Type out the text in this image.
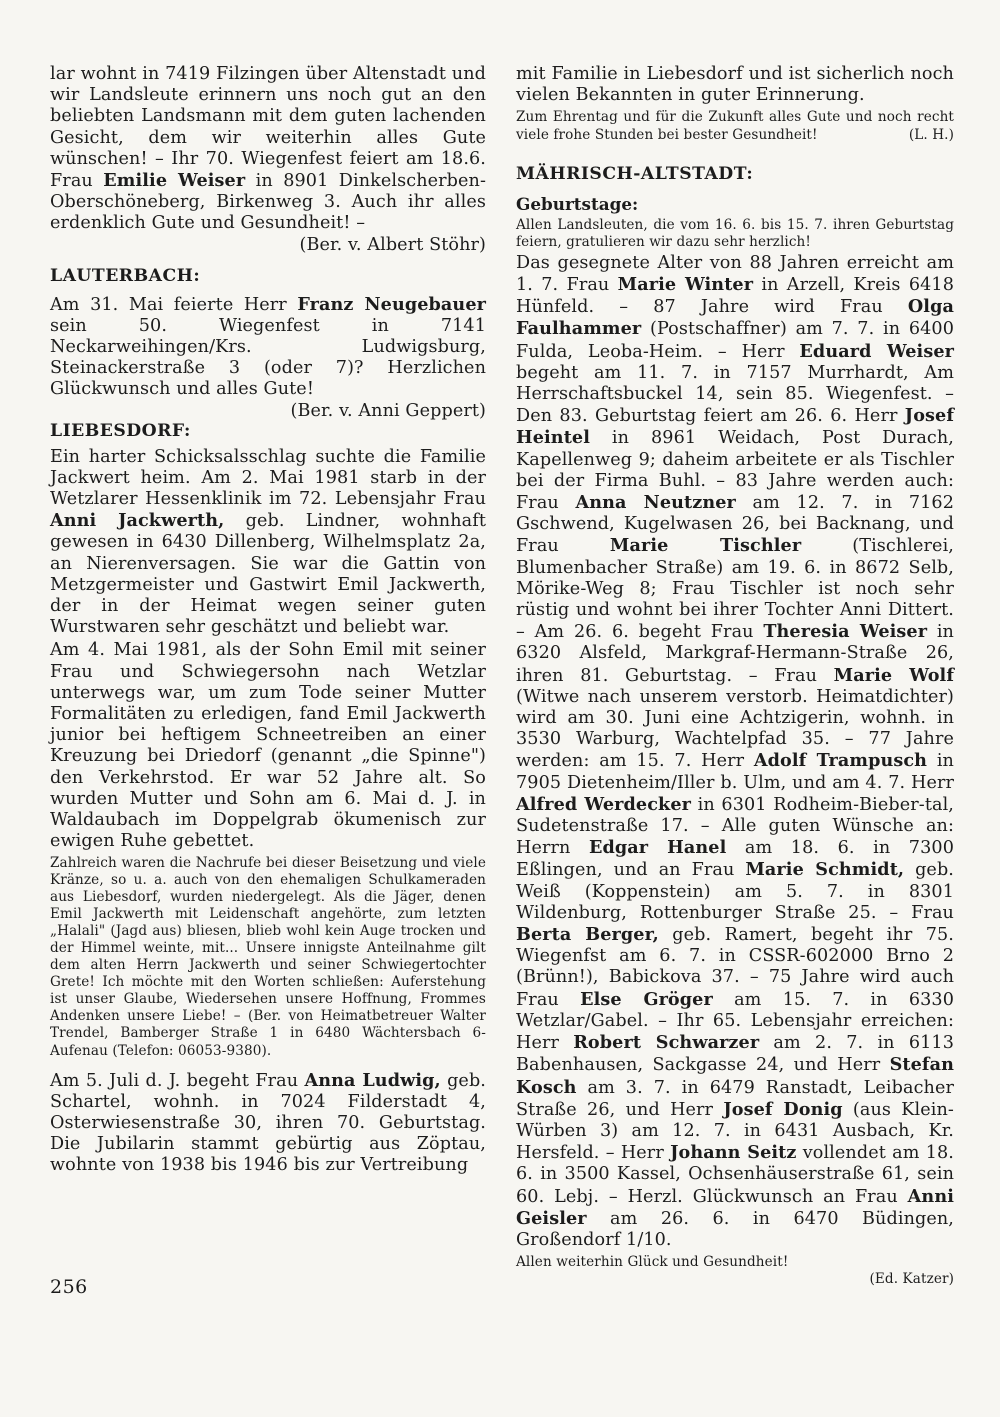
lar wohnt in 7419 Filzingen über Altenstadt und wir Landsleute erinnern uns noch gut an den beliebten Landsmann mit dem guten lachenden Gesicht, dem wir weiterhin alles Gute wünschen! – Ihr 70. Wiegenfest feiert am 18.6. Frau Emilie Weiser in 8901 Dinkelscherben-Oberschöneberg, Birkenweg 3. Auch ihr alles erdenklich Gute und Gesundheit! –
(Ber. v. Albert Stöhr)

LAUTERBACH:

Am 31. Mai feierte Herr Franz Neugebauer sein 50. Wiegenfest in 7141 Neckarweihingen/Krs. Ludwigsburg, Steinackerstraße 3 (oder 7)? Herzlichen Glückwunsch und alles Gute!
(Ber. v. Anni Geppert)

LIEBESDORF:

Ein harter Schicksalsschlag suchte die Familie Jackwert heim. Am 2. Mai 1981 starb in der Wetzlarer Hessenklinik im 72. Lebensjahr Frau Anni Jackwerth, geb. Lindner, wohnhaft gewesen in 6430 Dillenberg, Wilhelmsplatz 2a, an Nierenversagen. Sie war die Gattin von Metzgermeister und Gastwirt Emil Jackwerth, der in der Heimat wegen seiner guten Wurstwaren sehr geschätzt und beliebt war.

Am 4. Mai 1981, als der Sohn Emil mit seiner Frau und Schwiegersohn nach Wetzlar unterwegs war, um zum Tode seiner Mutter Formalitäten zu erledigen, fand Emil Jackwerth junior bei heftigem Schneetreiben an einer Kreuzung bei Driedorf (genannt „die Spinne") den Verkehrstod. Er war 52 Jahre alt. So wurden Mutter und Sohn am 6. Mai d. J. in Waldaubach im Doppelgrab ökumenisch zur ewigen Ruhe gebettet.

Zahlreich waren die Nachrufe bei dieser Beisetzung und viele Kränze, so u. a. auch von den ehemaligen Schulkameraden aus Liebesdorf, wurden niedergelegt. Als die Jäger, denen Emil Jackwerth mit Leidenschaft angehörte, zum letzten „Halali" (Jagd aus) bliesen, blieb wohl kein Auge trocken und der Himmel weinte, mit... Unsere innigste Anteilnahme gilt dem alten Herrn Jackwerth und seiner Schwiegertochter Grete! Ich möchte mit den Worten schließen: Auferstehung ist unser Glaube, Wiedersehen unsere Hoffnung, Frommes Andenken unsere Liebe! – (Ber. von Heimatbetreuer Walter Trendel, Bamberger Straße 1 in 6480 Wächtersbach 6-Aufenau (Telefon: 06053-9380).

Am 5. Juli d. J. begeht Frau Anna Ludwig, geb. Schartel, wohnh. in 7024 Filderstadt 4, Osterwiesenstraße 30, ihren 70. Geburtstag. Die Jubilarin stammt gebürtig aus Zöptau, wohnte von 1938 bis 1946 bis zur Vertreibung

mit Familie in Liebesdorf und ist sicherlich noch vielen Bekannten in guter Erinnerung.

Zum Ehrentag und für die Zukunft alles Gute und noch recht viele frohe Stunden bei bester Gesundheit!	(L. H.)

MÄHRISCH-ALTSTADT:
Geburtstage:

Allen Landsleuten, die vom 16. 6. bis 15. 7. ihren Geburtstag feiern, gratulieren wir dazu sehr herzlich!

Das gesegnete Alter von 88 Jahren erreicht am 1. 7. Frau Marie Winter in Arzell, Kreis 6418 Hünfeld. – 87 Jahre wird Frau Olga Faulhammer (Postschaffner) am 7. 7. in 6400 Fulda, Leoba-Heim. – Herr Eduard Weiser begeht am 11. 7. in 7157 Murrhardt, Am Herrschaftsbuckel 14, sein 85. Wiegenfest. – Den 83. Geburtstag feiert am 26. 6. Herr Josef Heintel in 8961 Weidach, Post Durach, Kapellenweg 9; daheim arbeitete er als Tischler bei der Firma Buhl. – 83 Jahre werden auch: Frau Anna Neutzner am 12. 7. in 7162 Gschwend, Kugelwasen 26, bei Backnang, und Frau Marie Tischler (Tischlerei, Blumenbacher Straße) am 19. 6. in 8672 Selb, Mörike-Weg 8; Frau Tischler ist noch sehr rüstig und wohnt bei ihrer Tochter Anni Dittert. – Am 26. 6. begeht Frau Theresia Weiser in 6320 Alsfeld, Markgraf-Hermann-Straße 26, ihren 81. Geburtstag. – Frau Marie Wolf (Witwe nach unserem verstorb. Heimatdichter) wird am 30. Juni eine Achtzigerin, wohnh. in 3530 Warburg, Wachtelpfad 35. – 77 Jahre werden: am 15. 7. Herr Adolf Trampusch in 7905 Dietenheim/Iller b. Ulm, und am 4. 7. Herr Alfred Werdecker in 6301 Rodheim-Bieber-tal, Sudetenstraße 17. – Alle guten Wünsche an: Herrn Edgar Hanel am 18. 6. in 7300 Eßlingen, und an Frau Marie Schmidt, geb. Weiß (Koppenstein) am 5. 7. in 8301 Wildenburg, Rottenburger Straße 25. – Frau Berta Berger, geb. Ramert, begeht ihr 75. Wiegenfst am 6. 7. in CSSR-602000 Brno 2 (Brünn!), Babickova 37. – 75 Jahre wird auch Frau Else Gröger am 15. 7. in 6330 Wetzlar/Gabel. – Ihr 65. Lebensjahr erreichen: Herr Robert Schwarzer am 2. 7. in 6113 Babenhausen, Sackgasse 24, und Herr Stefan Kosch am 3. 7. in 6479 Ranstadt, Leibacher Straße 26, und Herr Josef Donig (aus Klein-Würben 3) am 12. 7. in 6431 Ausbach, Kr. Hersfeld. – Herr Johann Seitz vollendet am 18. 6. in 3500 Kassel, Ochsenhäuserstraße 61, sein 60. Lebj. – Herzl. Glückwunsch an Frau Anni Geisler am 26. 6. in 6470 Büdingen, Großendorf 1/10.

Allen weiterhin Glück und Gesundheit!

(Ed. Katzer)

256
